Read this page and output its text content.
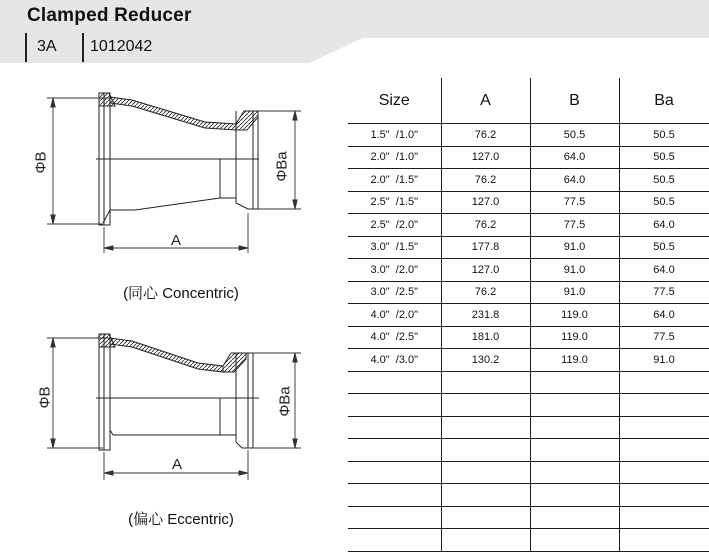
Clamped Reducer
3A 1012042
ΦB	ΦBa
A
(同心 Concentric)
ΦB	ΦBa
A
(偏心 Eccentric)
Size	A	B	Ba
1.5"  /1.0"	76.2	50.5	50.5
2.0"  /1.0"	127.0	64.0	50.5
2.0"  /1.5"	76.2	64.0	50.5
2.5"  /1.5"	127.0	77.5	50.5
2.5"  /2.0"	76.2	77.5	64.0
3.0"  /1.5"	177.8	91.0	50.5
3.0"  /2.0"	127.0	91.0	64.0
3.0"  /2.5"	76.2	91.0	77.5
4.0"  /2.0"	231.8	119.0	64.0
4.0"  /2.5"	181.0	119.0	77.5
4.0"  /3.0"	130.2	119.0	91.0
